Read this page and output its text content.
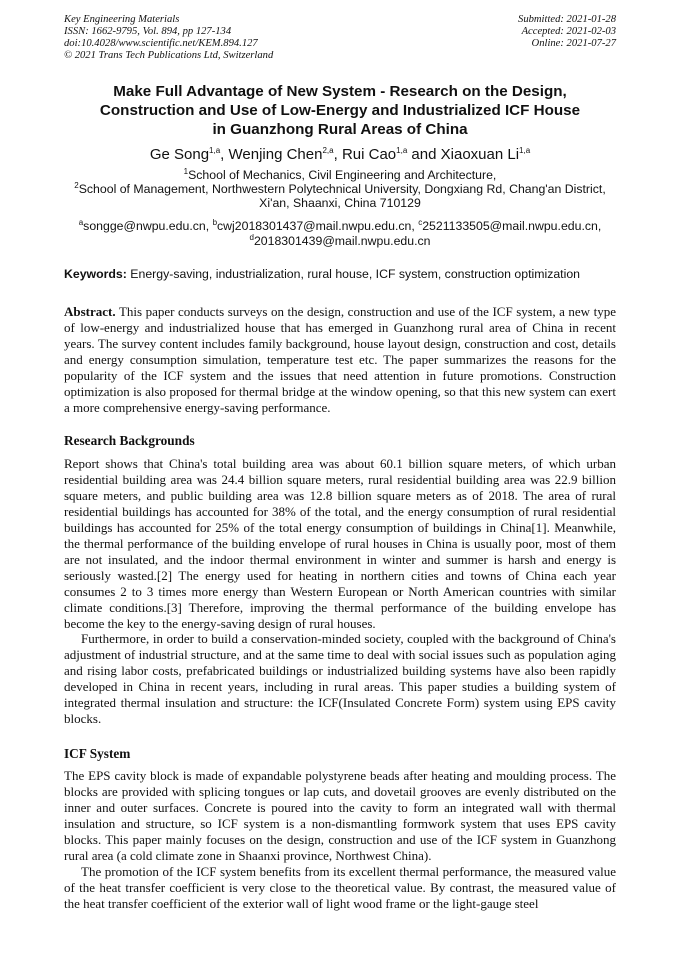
Key Engineering Materials
ISSN: 1662-9795, Vol. 894, pp 127-134
doi:10.4028/www.scientific.net/KEM.894.127
© 2021 Trans Tech Publications Ltd, Switzerland
Submitted: 2021-01-28
Accepted: 2021-02-03
Online: 2021-07-27
Make Full Advantage of New System - Research on the Design,
Construction and Use of Low-Energy and Industrialized ICF House
in Guanzhong Rural Areas of China
Ge Song$^{1,a}$, Wenjing Chen$^{2,a}$, Rui Cao$^{1,a}$ and Xiaoxuan Li$^{1,a}$
$^1$School of Mechanics, Civil Engineering and Architecture,
$^2$School of Management, Northwestern Polytechnical University, Dongxiang Rd, Chang'an District,
Xi'an, Shaanxi, China 710129
$^a$songge@nwpu.edu.cn, $^b$cwj2018301437@mail.nwpu.edu.cn, $^c$2521133505@mail.nwpu.edu.cn,
$^d$2018301439@mail.nwpu.edu.cn
Keywords: Energy-saving, industrialization, rural house, ICF system, construction optimization

Abstract. This paper conducts surveys on the design, construction and use of the ICF system, a new type of low-energy and industrialized house that has emerged in Guanzhong rural area of China in recent years. The survey content includes family background, house layout design, construction and cost, details and energy consumption simulation, temperature test etc. The paper summarizes the reasons for the popularity of the ICF system and the issues that need attention in future promotions. Construction optimization is also proposed for thermal bridge at the window opening, so that this new system can exert a more comprehensive energy-saving performance.

Research Backgrounds

Report shows that China's total building area was about 60.1 billion square meters, of which urban residential building area was 24.4 billion square meters, rural residential building area was 22.9 billion square meters, and public building area was 12.8 billion square meters as of 2018. The area of rural residential buildings has accounted for 38% of the total, and the energy consumption of rural residential buildings has accounted for 25% of the total energy consumption of buildings in China[1]. Meanwhile, the thermal performance of the building envelope of rural houses in China is usually poor, most of them are not insulated, and the indoor thermal environment in winter and summer is harsh and energy is seriously wasted.[2] The energy used for heating in northern cities and towns of China each year consumes 2 to 3 times more energy than Western European or North American countries with similar climate conditions.[3] Therefore, improving the thermal performance of the building envelope has become the key to the energy-saving design of rural houses.

Furthermore, in order to build a conservation-minded society, coupled with the background of China's adjustment of industrial structure, and at the same time to deal with social issues such as population aging and rising labor costs, prefabricated buildings or industrialized building systems have also been rapidly developed in China in recent years, including in rural areas. This paper studies a building system of integrated thermal insulation and structure: the ICF(Insulated Concrete Form) system using EPS cavity blocks.

ICF System

The EPS cavity block is made of expandable polystyrene beads after heating and moulding process. The blocks are provided with splicing tongues or lap cuts, and dovetail grooves are evenly distributed on the inner and outer surfaces. Concrete is poured into the cavity to form an integrated wall with thermal insulation and structure, so ICF system is a non-dismantling formwork system that uses EPS cavity blocks. This paper mainly focuses on the design, construction and use of the ICF system in Guanzhong rural area (a cold climate zone in Shaanxi province, Northwest China).

The promotion of the ICF system benefits from its excellent thermal performance, the measured value of the heat transfer coefficient is very close to the theoretical value. By contrast, the measured value of the heat transfer coefficient of the exterior wall of light wood frame or the light-gauge steel
